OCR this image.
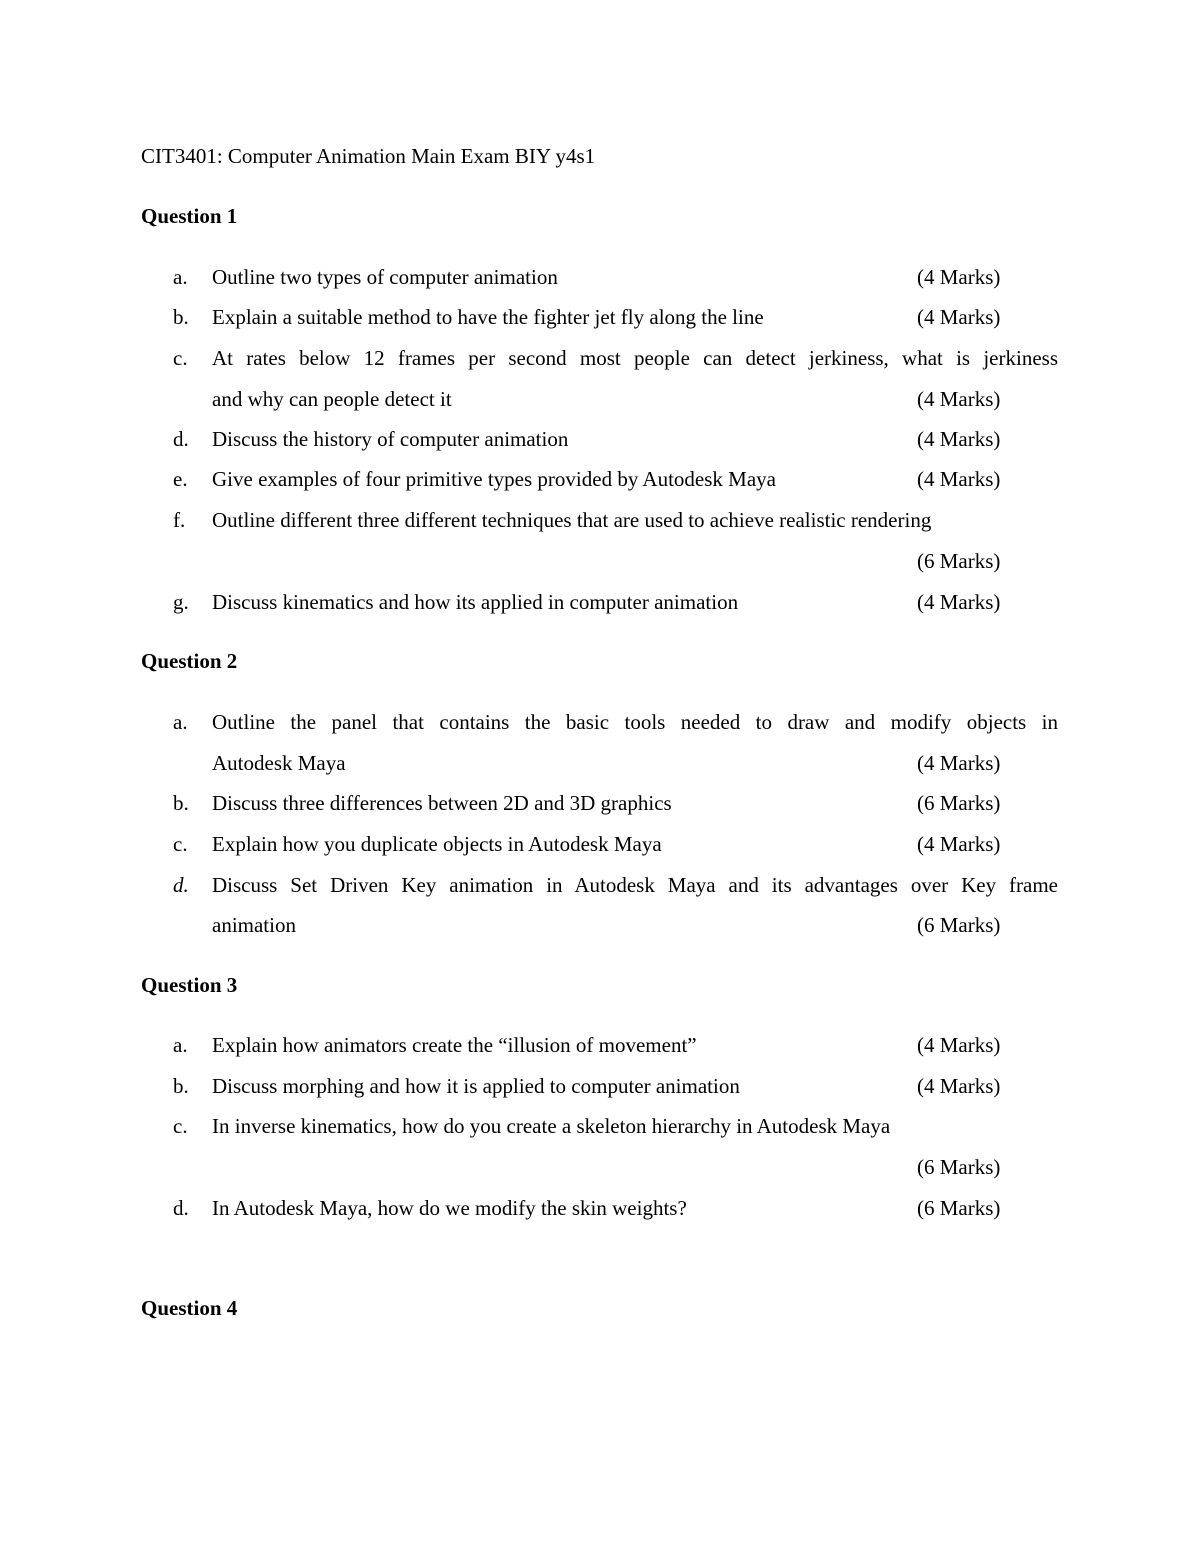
CIT3401: Computer Animation Main Exam BIY y4s1
Question 1
a. Outline two types of computer animation	(4 Marks)
b. Explain a suitable method to have the fighter jet fly along the line	(4 Marks)
c. At rates below 12 frames per second most people can detect jerkiness, what is jerkiness
and why can people detect it	(4 Marks)
d. Discuss the history of computer animation	(4 Marks)
e. Give examples of four primitive types provided by Autodesk Maya	(4 Marks)
f. Outline different three different techniques that are used to achieve realistic rendering
(6 Marks)
g. Discuss kinematics and how its applied in computer animation	(4 Marks)
Question 2
a. Outline the panel that contains the basic tools needed to draw and modify objects in
Autodesk Maya	(4 Marks)
b. Discuss three differences between 2D and 3D graphics	(6 Marks)
c. Explain how you duplicate objects in Autodesk Maya	(4 Marks)
d. Discuss Set Driven Key animation in Autodesk Maya and its advantages over Key frame
animation	(6 Marks)
Question 3
a. Explain how animators create the “illusion of movement”	(4 Marks)
b. Discuss morphing and how it is applied to computer animation	(4 Marks)
c. In inverse kinematics, how do you create a skeleton hierarchy in Autodesk Maya
(6 Marks)
d. In Autodesk Maya, how do we modify the skin weights?	(6 Marks)
Question 4
